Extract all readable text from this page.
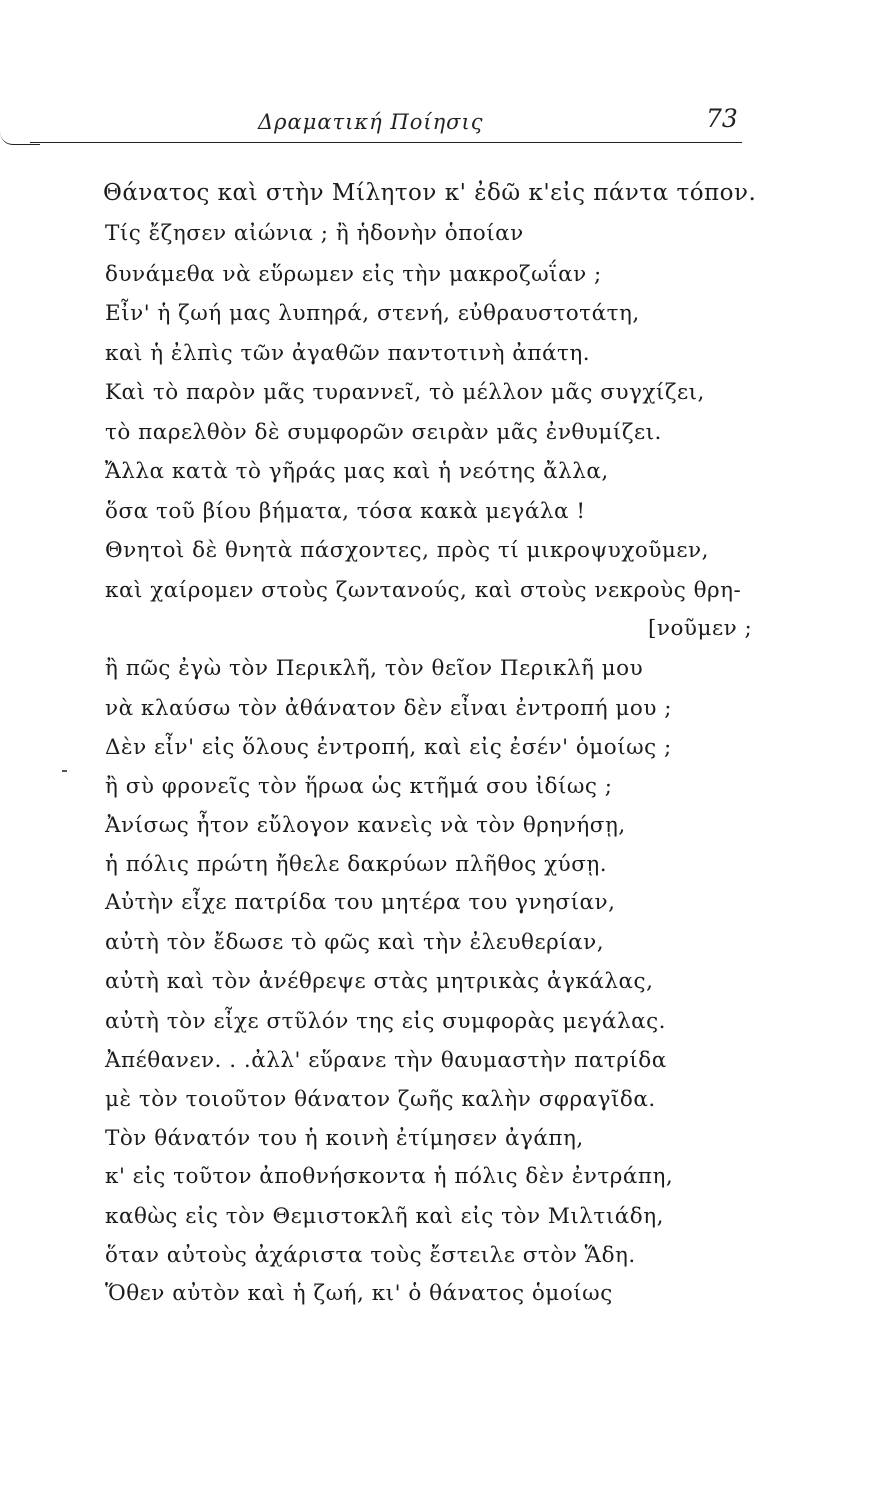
Δραματική Ποίησις	73
Θάνατος καὶ στὴν Μίλητον κ' ἐδῶ κ'εἰς πάντα τόπον.
Τίς ἔζησεν αἰώνια ; ἢ ἡδονὴν ὁποίαν
δυνάμεθα νὰ εὕρωμεν εἰς τὴν μακροζωΐαν ;
Εἶν' ἡ ζωή μας λυπηρά, στενή, εὐθραυστοτάτη,
καὶ ἡ ἐλπὶς τῶν ἀγαθῶν παντοτινὴ ἀπάτη.
Καὶ τὸ παρὸν μᾶς τυραννεῖ, τὸ μέλλον μᾶς συγχίζει,
τὸ παρελθὸν δὲ συμφορῶν σειρὰν μᾶς ἐνθυμίζει.
Ἄλλα κατὰ τὸ γῆράς μας καὶ ἡ νεότης ἄλλα,
ὅσα τοῦ βίου βήματα, τόσα κακὰ μεγάλα !
Θνητοὶ δὲ θνητὰ πάσχοντες, πρὸς τί μικροψυχοῦμεν,
καὶ χαίρομεν στοὺς ζωντανούς, καὶ στοὺς νεκροὺς θρη-
[νοῦμεν ;
ἢ πῶς ἐγὼ τὸν Περικλῆ, τὸν θεῖον Περικλῆ μου
νὰ κλαύσω τὸν ἀθάνατον δὲν εἶναι ἐντροπή μου ;
Δὲν εἶν' εἰς ὅλους ἐντροπή, καὶ εἰς ἐσέν' ὁμοίως ;
ἢ σὺ φρονεῖς τὸν ἥρωα ὡς κτῆμά σου ἰδίως ;
Ἀνίσως ἦτον εὔλογον κανεὶς νὰ τὸν θρηνήσῃ,
ἡ πόλις πρώτη ἤθελε δακρύων πλῆθος χύσῃ.
Αὐτὴν εἶχε πατρίδα του μητέρα του γνησίαν,
αὐτὴ τὸν ἔδωσε τὸ φῶς καὶ τὴν ἐλευθερίαν,
αὐτὴ καὶ τὸν ἀνέθρεψε στὰς μητρικὰς ἀγκάλας,
αὐτὴ τὸν εἶχε στῦλόν της εἰς συμφορὰς μεγάλας.
Ἀπέθανεν. . .ἀλλ' εὕρανε τὴν θαυμαστὴν πατρίδα
μὲ τὸν τοιοῦτον θάνατον ζωῆς καλὴν σφραγῖδα.
Τὸν θάνατόν του ἡ κοινὴ ἐτίμησεν ἀγάπη,
κ' εἰς τοῦτον ἀποθνήσκοντα ἡ πόλις δὲν ἐντράπη,
καθὼς εἰς τὸν Θεμιστοκλῆ καὶ εἰς τὸν Μιλτιάδη,
ὅταν αὐτοὺς ἀχάριστα τοὺς ἔστειλε στὸν Ἅδη.
Ὅθεν αὐτὸν καὶ ἡ ζωή, κι' ὁ θάνατος ὁμοίως
